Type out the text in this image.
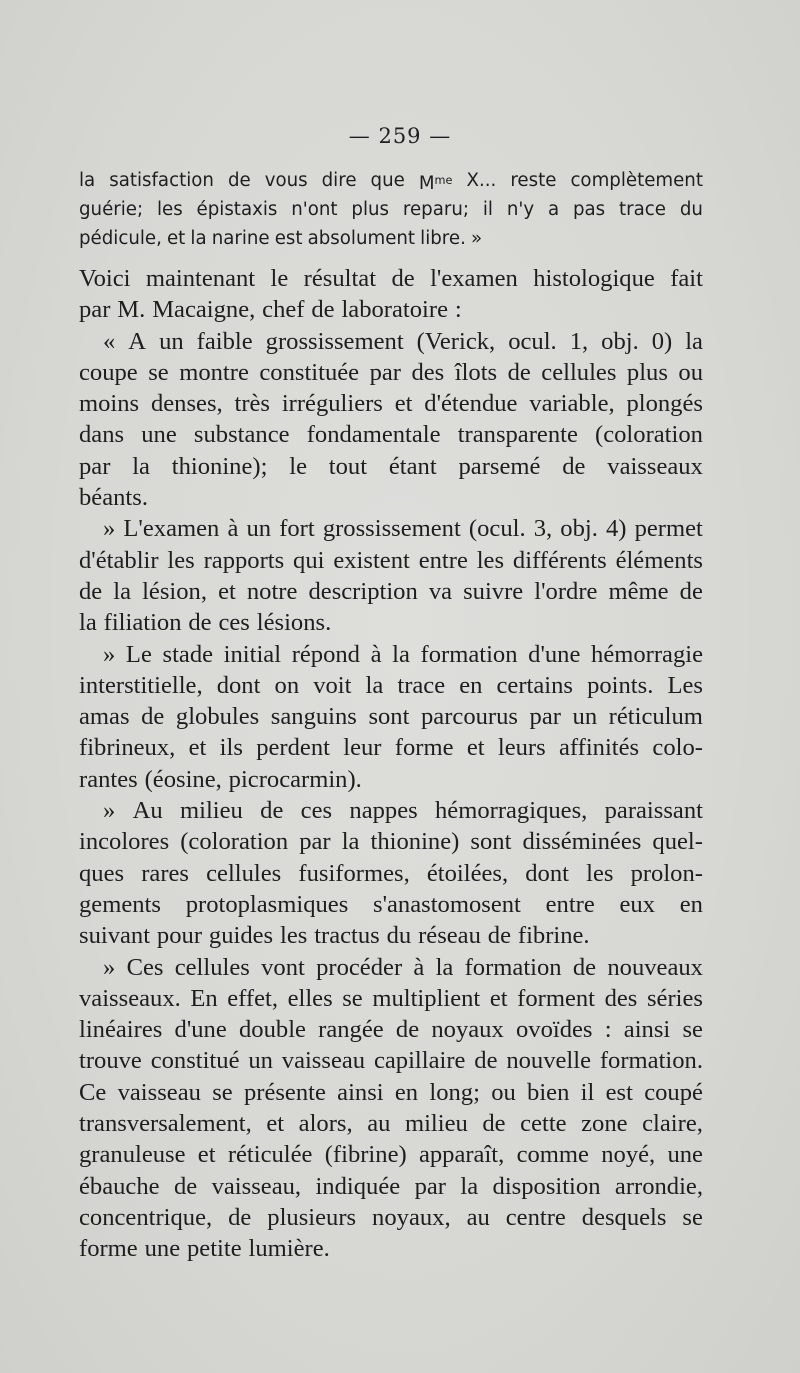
— 259 —
la satisfaction de vous dire que $M^{me}$ X... reste complètement
guérie; les épistaxis n'ont plus reparu; il n'y a pas trace du
pédicule, et la narine est absolument libre. »
Voici maintenant le résultat de l'examen histologique fait
par M. Macaigne, chef de laboratoire :
« A un faible grossissement (Verick, ocul. 1, obj. 0) la
coupe se montre constituée par des îlots de cellules plus ou
moins denses, très irréguliers et d'étendue variable, plongés
dans une substance fondamentale transparente (coloration
par la thionine); le tout étant parsemé de vaisseaux
béants.
» L'examen à un fort grossissement (ocul. 3, obj. 4) permet
d'établir les rapports qui existent entre les différents éléments
de la lésion, et notre description va suivre l'ordre même de
la filiation de ces lésions.
» Le stade initial répond à la formation d'une hémorragie
interstitielle, dont on voit la trace en certains points. Les
amas de globules sanguins sont parcourus par un réticulum
fibrineux, et ils perdent leur forme et leurs affinités colo-
rantes (éosine, picrocarmin).
» Au milieu de ces nappes hémorragiques, paraissant
incolores (coloration par la thionine) sont disséminées quel-
ques rares cellules fusiformes, étoilées, dont les prolon-
gements protoplasmiques s'anastomosent entre eux en
suivant pour guides les tractus du réseau de fibrine.
» Ces cellules vont procéder à la formation de nouveaux
vaisseaux. En effet, elles se multiplient et forment des séries
linéaires d'une double rangée de noyaux ovoïdes : ainsi se
trouve constitué un vaisseau capillaire de nouvelle formation.
Ce vaisseau se présente ainsi en long; ou bien il est coupé
transversalement, et alors, au milieu de cette zone claire,
granuleuse et réticulée (fibrine) apparaît, comme noyé, une
ébauche de vaisseau, indiquée par la disposition arrondie,
concentrique, de plusieurs noyaux, au centre desquels se
forme une petite lumière.
